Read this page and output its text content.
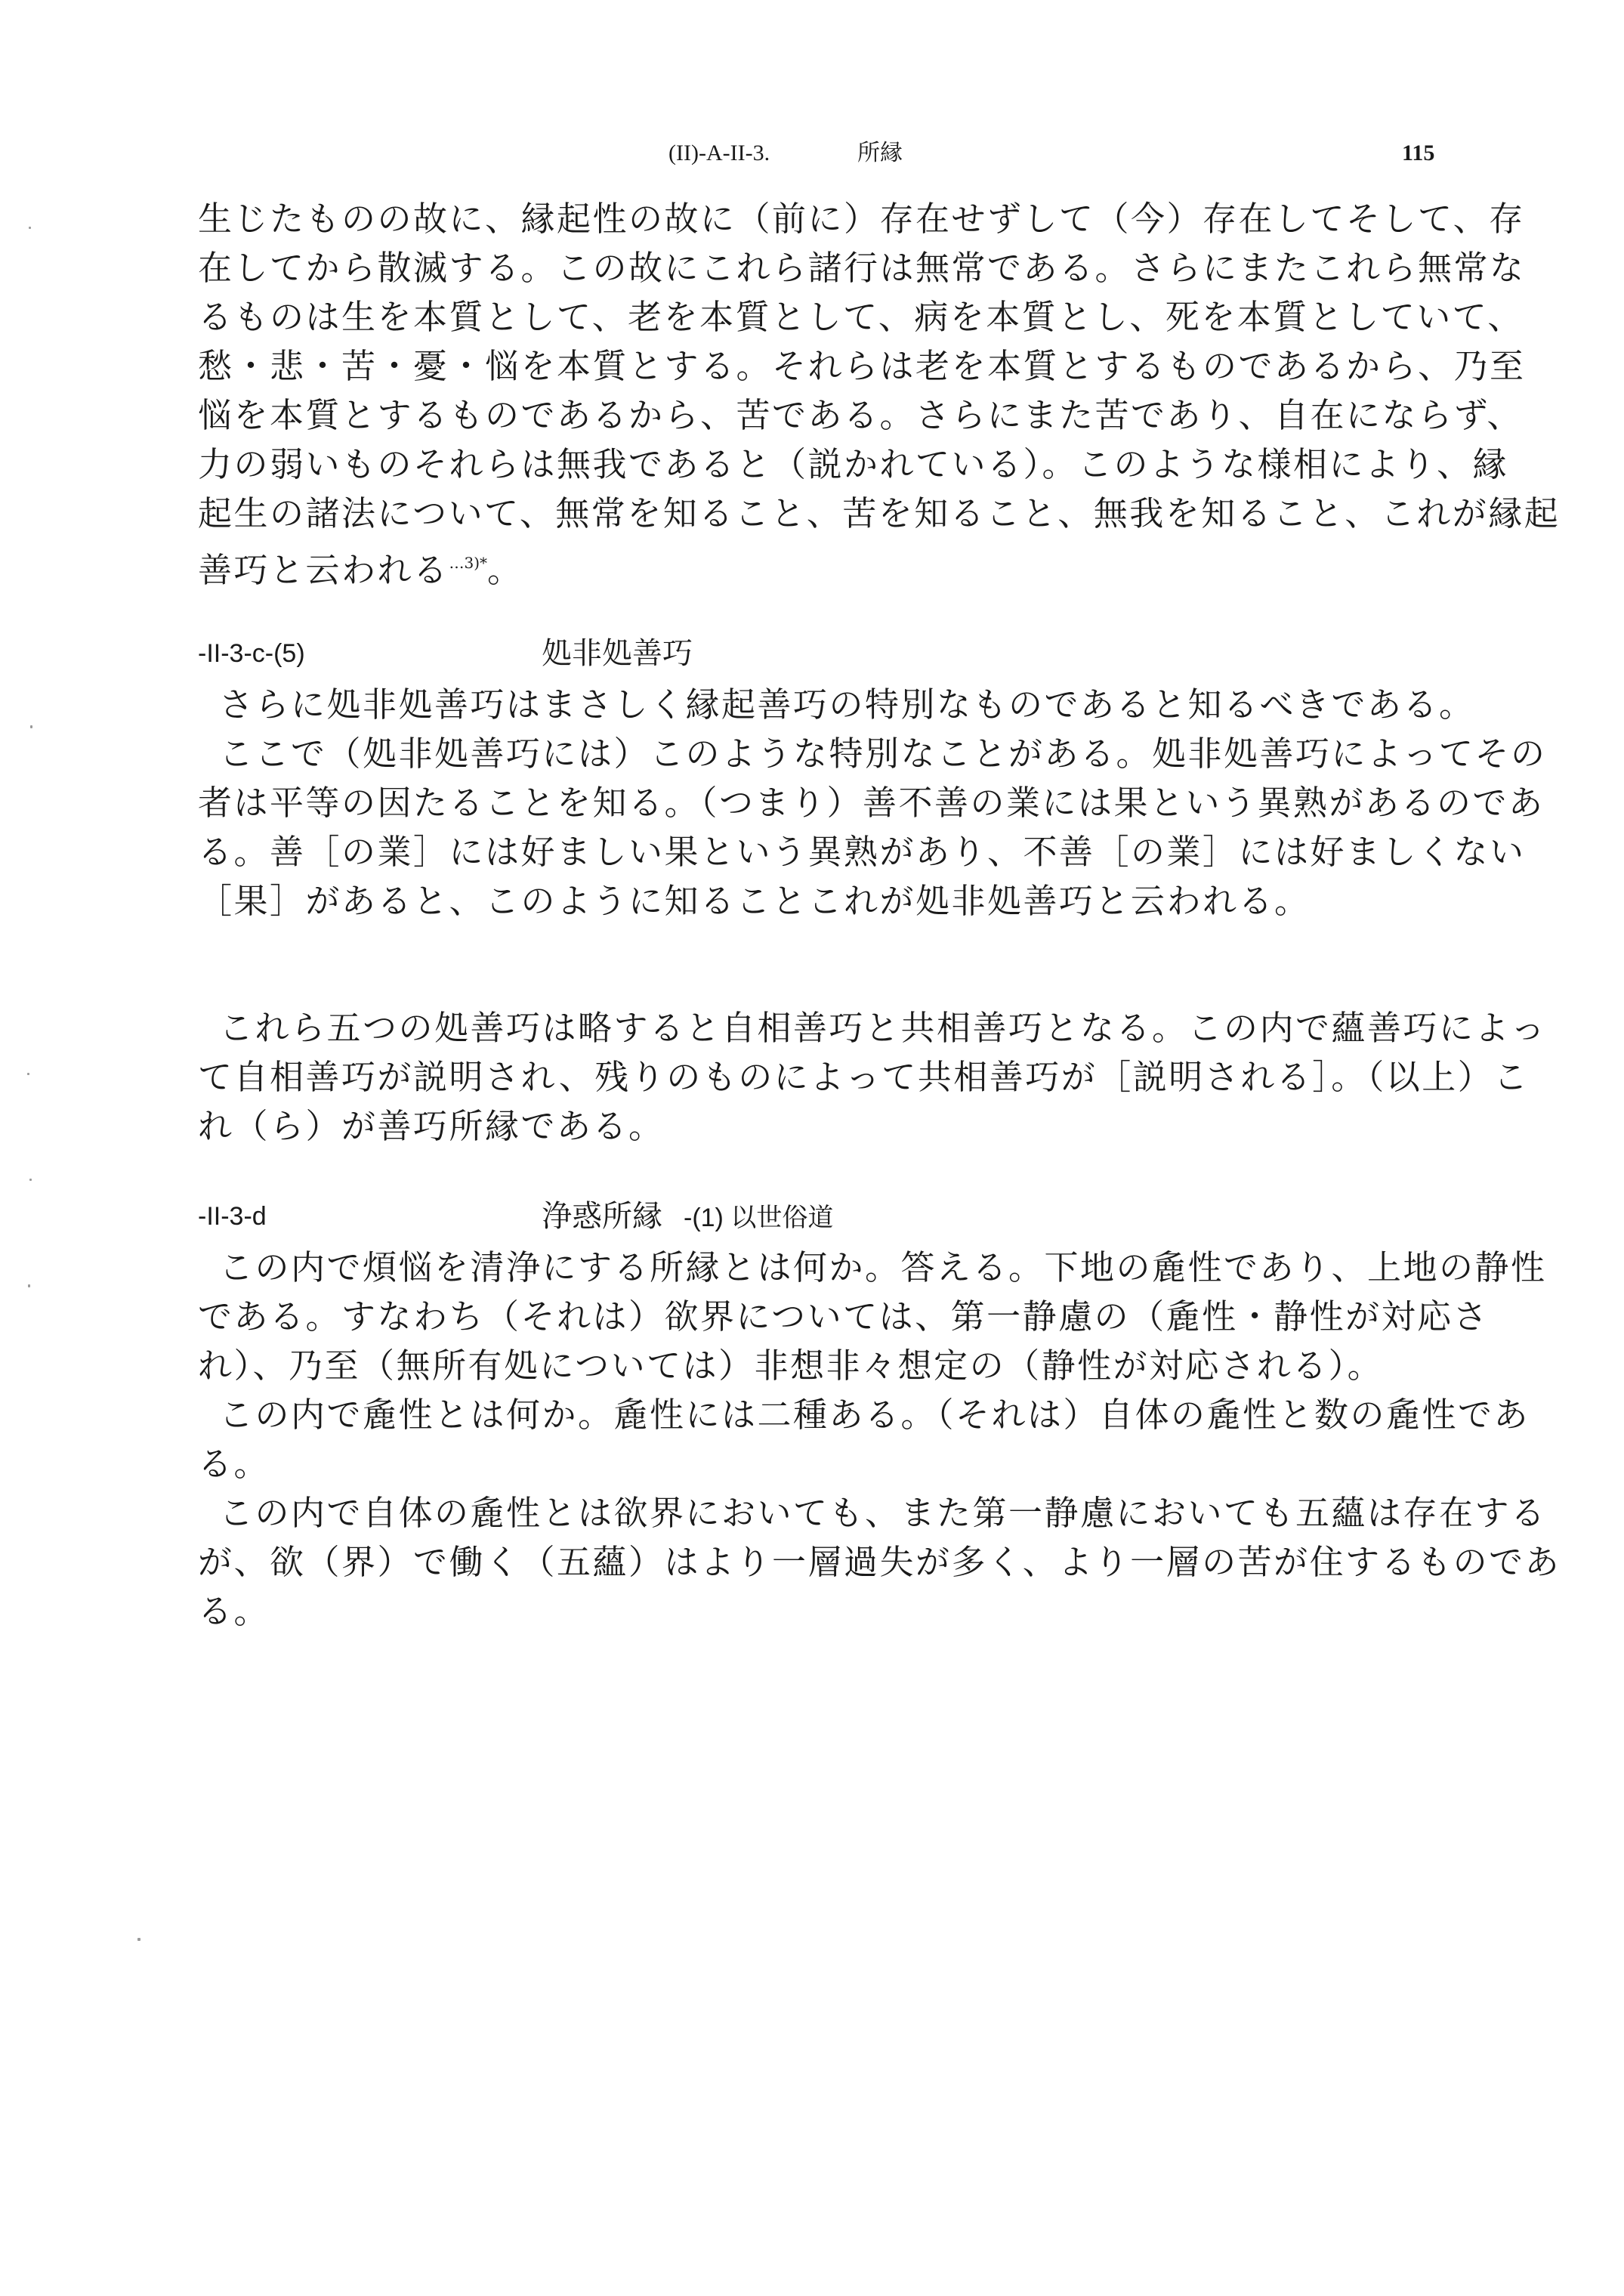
(II)-A-II-3.	所縁	115
生じたものの故に、縁起性の故に（前に）存在せずして（今）存在してそして、存
在してから散滅する。この故にこれら諸行は無常である。さらにまたこれら無常な
るものは生を本質として、老を本質として、病を本質とし、死を本質としていて、
愁・悲・苦・憂・悩を本質とする。それらは老を本質とするものであるから、乃至
悩を本質とするものであるから、苦である。さらにまた苦であり、自在にならず、
力の弱いものそれらは無我であると（説かれている）。このような様相により、縁
起生の諸法について、無常を知ること、苦を知ること、無我を知ること、これが縁起
善巧と云われる$^{\dots 3)*}$。
-II-3-c-(5)	処非処善巧
さらに処非処善巧はまさしく縁起善巧の特別なものであると知るべきである。
ここで（処非処善巧には）このような特別なことがある。処非処善巧によってその
者は平等の因たることを知る。（つまり）善不善の業には果という異熟があるのであ
る。善［の業］には好ましい果という異熟があり、不善［の業］には好ましくない
［果］があると、このように知ることこれが処非処善巧と云われる。
これら五つの処善巧は略すると自相善巧と共相善巧となる。この内で蘊善巧によっ
て自相善巧が説明され、残りのものによって共相善巧が［説明される］。（以上）こ
れ（ら）が善巧所縁である。
-II-3-d	浄惑所縁 -(1) 以世俗道
この内で煩悩を清浄にする所縁とは何か。答える。下地の麁性であり、上地の静性
である。すなわち（それは）欲界については、第一静慮の（麁性・静性が対応さ
れ）、乃至（無所有処については）非想非々想定の（静性が対応される）。
この内で麁性とは何か。麁性には二種ある。（それは）自体の麁性と数の麁性であ
る。
この内で自体の麁性とは欲界においても、また第一静慮においても五蘊は存在する
が、欲（界）で働く（五蘊）はより一層過失が多く、より一層の苦が住するものであ
る。
